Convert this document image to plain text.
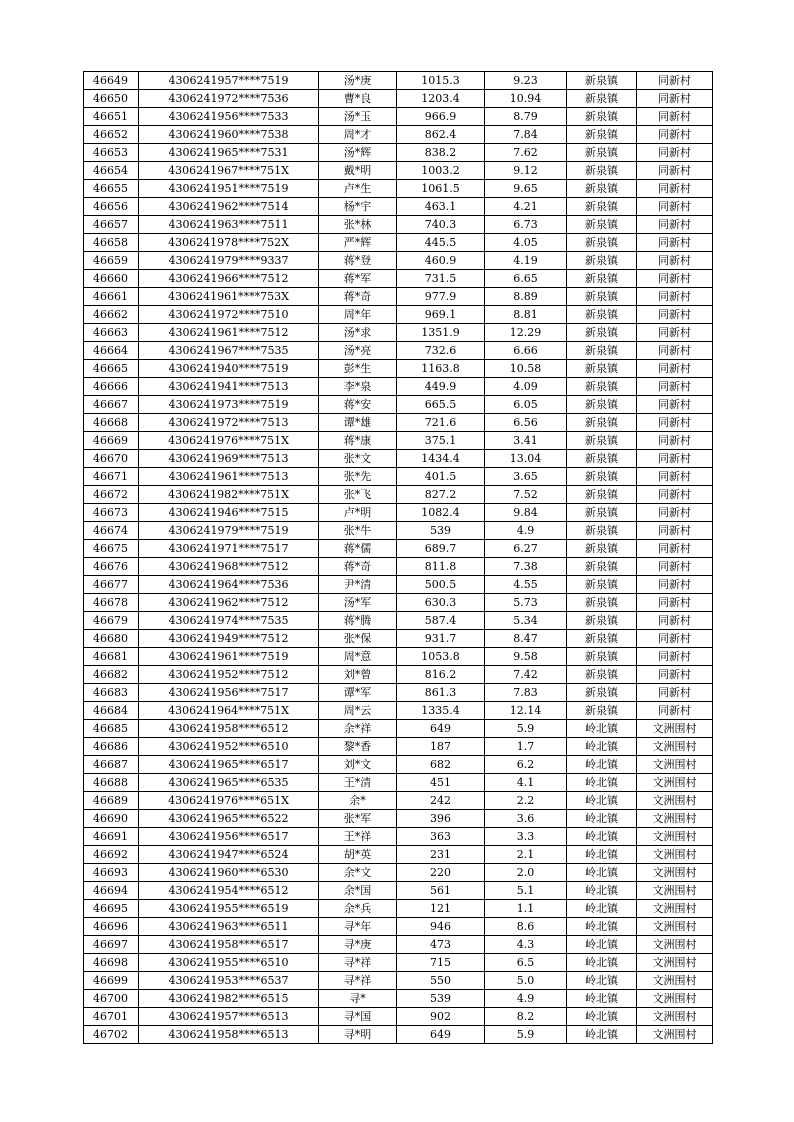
46649	4306241957****7519	汤*庚	1015.3	9.23	新泉镇	同新村
46650	4306241972****7536	曹*良	1203.4	10.94	新泉镇	同新村
46651	4306241956****7533	汤*玉	966.9	8.79	新泉镇	同新村
46652	4306241960****7538	周*才	862.4	7.84	新泉镇	同新村
46653	4306241965****7531	汤*辉	838.2	7.62	新泉镇	同新村
46654	4306241967****751X	戴*明	1003.2	9.12	新泉镇	同新村
46655	4306241951****7519	卢*生	1061.5	9.65	新泉镇	同新村
46656	4306241962****7514	杨*宇	463.1	4.21	新泉镇	同新村
46657	4306241963****7511	张*林	740.3	6.73	新泉镇	同新村
46658	4306241978****752X	严*辉	445.5	4.05	新泉镇	同新村
46659	4306241979****9337	蒋*登	460.9	4.19	新泉镇	同新村
46660	4306241966****7512	蒋*军	731.5	6.65	新泉镇	同新村
46661	4306241961****753X	蒋*奇	977.9	8.89	新泉镇	同新村
46662	4306241972****7510	周*年	969.1	8.81	新泉镇	同新村
46663	4306241961****7512	汤*求	1351.9	12.29	新泉镇	同新村
46664	4306241967****7535	汤*亮	732.6	6.66	新泉镇	同新村
46665	4306241940****7519	彭*生	1163.8	10.58	新泉镇	同新村
46666	4306241941****7513	李*泉	449.9	4.09	新泉镇	同新村
46667	4306241973****7519	蒋*安	665.5	6.05	新泉镇	同新村
46668	4306241972****7513	谭*雄	721.6	6.56	新泉镇	同新村
46669	4306241976****751X	蒋*康	375.1	3.41	新泉镇	同新村
46670	4306241969****7513	张*文	1434.4	13.04	新泉镇	同新村
46671	4306241961****7513	张*先	401.5	3.65	新泉镇	同新村
46672	4306241982****751X	张*飞	827.2	7.52	新泉镇	同新村
46673	4306241946****7515	卢*明	1082.4	9.84	新泉镇	同新村
46674	4306241979****7519	张*牛	539	4.9	新泉镇	同新村
46675	4306241971****7517	蒋*儒	689.7	6.27	新泉镇	同新村
46676	4306241968****7512	蒋*奇	811.8	7.38	新泉镇	同新村
46677	4306241964****7536	尹*清	500.5	4.55	新泉镇	同新村
46678	4306241962****7512	汤*军	630.3	5.73	新泉镇	同新村
46679	4306241974****7535	蒋*腾	587.4	5.34	新泉镇	同新村
46680	4306241949****7512	张*保	931.7	8.47	新泉镇	同新村
46681	4306241961****7519	周*意	1053.8	9.58	新泉镇	同新村
46682	4306241952****7512	刘*曾	816.2	7.42	新泉镇	同新村
46683	4306241956****7517	谭*军	861.3	7.83	新泉镇	同新村
46684	4306241964****751X	周*云	1335.4	12.14	新泉镇	同新村
46685	4306241958****6512	余*祥	649	5.9	岭北镇	文洲围村
46686	4306241952****6510	黎*香	187	1.7	岭北镇	文洲围村
46687	4306241965****6517	刘*文	682	6.2	岭北镇	文洲围村
46688	4306241965****6535	王*清	451	4.1	岭北镇	文洲围村
46689	4306241976****651X	余*	242	2.2	岭北镇	文洲围村
46690	4306241965****6522	张*军	396	3.6	岭北镇	文洲围村
46691	4306241956****6517	王*祥	363	3.3	岭北镇	文洲围村
46692	4306241947****6524	胡*英	231	2.1	岭北镇	文洲围村
46693	4306241960****6530	余*文	220	2.0	岭北镇	文洲围村
46694	4306241954****6512	余*国	561	5.1	岭北镇	文洲围村
46695	4306241955****6519	余*兵	121	1.1	岭北镇	文洲围村
46696	4306241963****6511	寻*年	946	8.6	岭北镇	文洲围村
46697	4306241958****6517	寻*庚	473	4.3	岭北镇	文洲围村
46698	4306241955****6510	寻*祥	715	6.5	岭北镇	文洲围村
46699	4306241953****6537	寻*祥	550	5.0	岭北镇	文洲围村
46700	4306241982****6515	寻*	539	4.9	岭北镇	文洲围村
46701	4306241957****6513	寻*国	902	8.2	岭北镇	文洲围村
46702	4306241958****6513	寻*明	649	5.9	岭北镇	文洲围村
